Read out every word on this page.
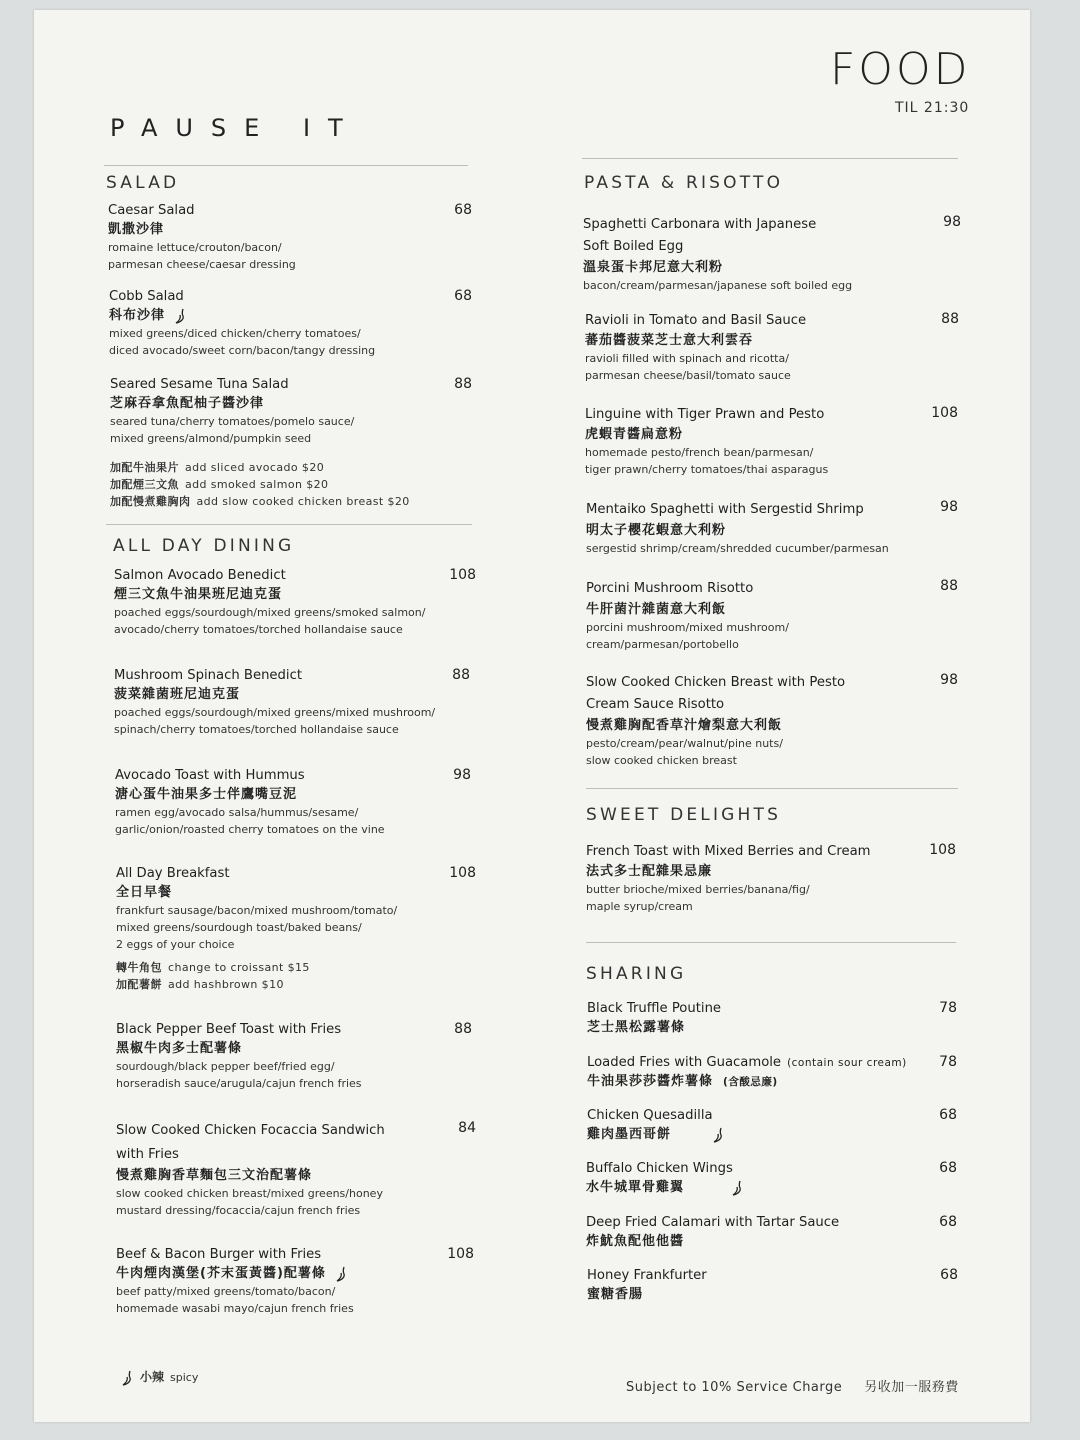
PAUSE IT
FOOD
TIL 21:30
SALAD
Caesar Salad
凱撒沙律
romaine lettuce/crouton/bacon/
parmesan cheese/caesar dressing
68
Cobb Salad
科布沙律
mixed greens/diced chicken/cherry tomatoes/
diced avocado/sweet corn/bacon/tangy dressing
68
Seared Sesame Tuna Salad
芝麻吞拿魚配柚子醬沙律
seared tuna/cherry tomatoes/pomelo sauce/
mixed greens/almond/pumpkin seed
88
加配牛油果片 add sliced avocado $20
加配煙三文魚 add smoked salmon $20
加配慢煮雞胸肉 add slow cooked chicken breast $20
ALL DAY DINING
Salmon Avocado Benedict
煙三文魚牛油果班尼迪克蛋
poached eggs/sourdough/mixed greens/smoked salmon/
avocado/cherry tomatoes/torched hollandaise sauce
108
Mushroom Spinach Benedict
菠菜雜菌班尼迪克蛋
poached eggs/sourdough/mixed greens/mixed mushroom/
spinach/cherry tomatoes/torched hollandaise sauce
88
Avocado Toast with Hummus
溏心蛋牛油果多士伴鷹嘴豆泥
ramen egg/avocado salsa/hummus/sesame/
garlic/onion/roasted cherry tomatoes on the vine
98
All Day Breakfast
全日早餐
frankfurt sausage/bacon/mixed mushroom/tomato/
mixed greens/sourdough toast/baked beans/
2 eggs of your choice
108
轉牛角包 change to croissant $15
加配薯餅 add hashbrown $10
Black Pepper Beef Toast with Fries
黑椒牛肉多士配薯條
sourdough/black pepper beef/fried egg/
horseradish sauce/arugula/cajun french fries
88
Slow Cooked Chicken Focaccia Sandwich
with Fries
慢煮雞胸香草麵包三文治配薯條
slow cooked chicken breast/mixed greens/honey
mustard dressing/focaccia/cajun french fries
84
Beef & Bacon Burger with Fries
牛肉煙肉漢堡(芥末蛋黃醬)配薯條
beef patty/mixed greens/tomato/bacon/
homemade wasabi mayo/cajun french fries
108
PASTA & RISOTTO
Spaghetti Carbonara with Japanese
Soft Boiled Egg
溫泉蛋卡邦尼意大利粉
bacon/cream/parmesan/japanese soft boiled egg
98
Ravioli in Tomato and Basil Sauce
蕃茄醬菠菜芝士意大利雲吞
ravioli filled with spinach and ricotta/
parmesan cheese/basil/tomato sauce
88
Linguine with Tiger Prawn and Pesto
虎蝦青醬扁意粉
homemade pesto/french bean/parmesan/
tiger prawn/cherry tomatoes/thai asparagus
108
Mentaiko Spaghetti with Sergestid Shrimp
明太子櫻花蝦意大利粉
sergestid shrimp/cream/shredded cucumber/parmesan
98
Porcini Mushroom Risotto
牛肝菌汁雜菌意大利飯
porcini mushroom/mixed mushroom/
cream/parmesan/portobello
88
Slow Cooked Chicken Breast with Pesto
Cream Sauce Risotto
慢煮雞胸配香草汁燴梨意大利飯
pesto/cream/pear/walnut/pine nuts/
slow cooked chicken breast
98
SWEET DELIGHTS
French Toast with Mixed Berries and Cream
法式多士配雜果忌廉
butter brioche/mixed berries/banana/fig/
maple syrup/cream
108
SHARING
Black Truffle Poutine
芝士黑松露薯條
78
Loaded Fries with Guacamole (contain sour cream)
牛油果莎莎醬炸薯條 (含酸忌廉)
78
Chicken Quesadilla
雞肉墨西哥餅
68
Buffalo Chicken Wings
水牛城單骨雞翼
68
Deep Fried Calamari with Tartar Sauce
炸魷魚配他他醬
68
Honey Frankfurter
蜜糖香腸
68
小辣 spicy
Subject to 10% Service Charge 另收加一服務費
